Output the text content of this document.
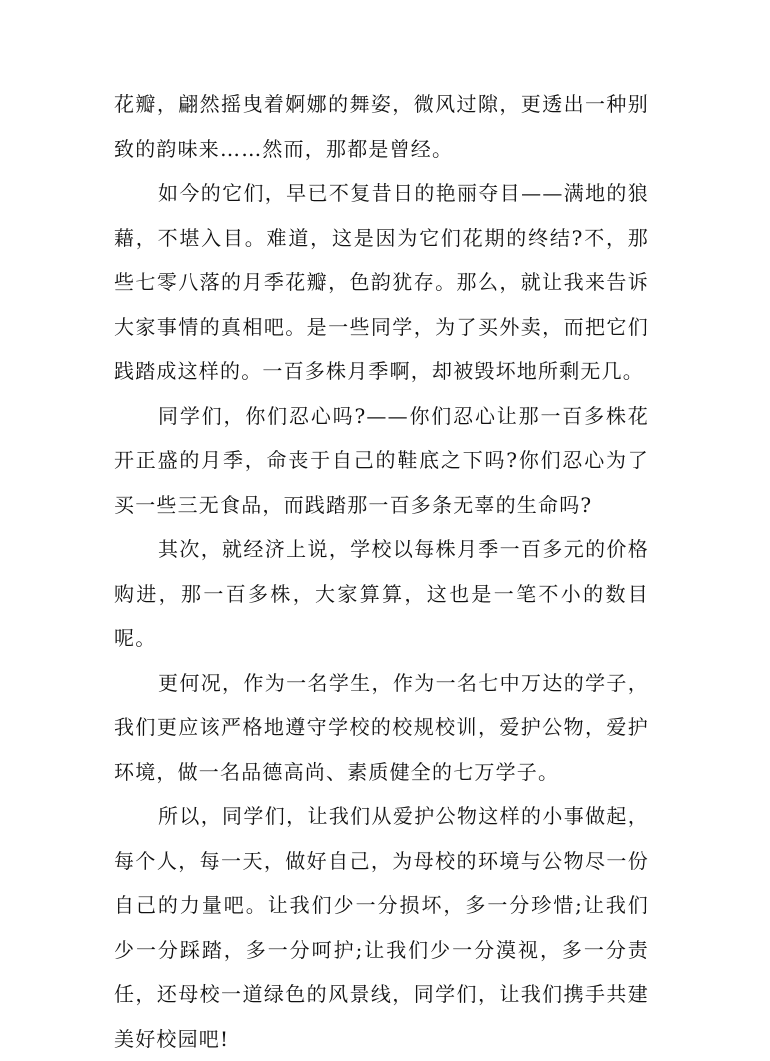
花瓣，翩然摇曳着婀娜的舞姿，微风过隙，更透出一种别致的韵味来……然而，那都是曾经。

如今的它们，早已不复昔日的艳丽夺目——满地的狼藉，不堪入目。难道，这是因为它们花期的终结?不，那些七零八落的月季花瓣，色韵犹存。那么，就让我来告诉大家事情的真相吧。是一些同学，为了买外卖，而把它们践踏成这样的。一百多株月季啊，却被毁坏地所剩无几。

同学们，你们忍心吗?——你们忍心让那一百多株花开正盛的月季，命丧于自己的鞋底之下吗?你们忍心为了买一些三无食品，而践踏那一百多条无辜的生命吗?

其次，就经济上说，学校以每株月季一百多元的价格购进，那一百多株，大家算算，这也是一笔不小的数目呢。

更何况，作为一名学生，作为一名七中万达的学子，我们更应该严格地遵守学校的校规校训，爱护公物，爱护环境，做一名品德高尚、素质健全的七万学子。

所以，同学们，让我们从爱护公物这样的小事做起，每个人，每一天，做好自己，为母校的环境与公物尽一份自己的力量吧。让我们少一分损坏，多一分珍惜;让我们少一分踩踏，多一分呵护;让我们少一分漠视，多一分责任，还母校一道绿色的风景线，同学们，让我们携手共建美好校园吧!
